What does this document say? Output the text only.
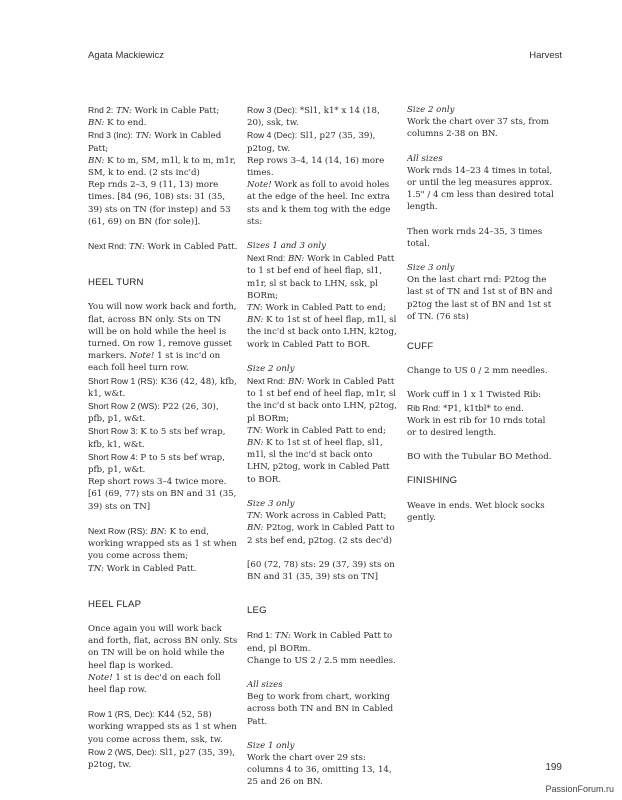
Agata Mackiewicz	Harvest

Rnd 2: TN: Work in Cable Patt;

BN: K to end.

Rnd 3 (Inc): TN: Work in Cabled Patt;

BN: K to m, SM, m1l, k to m, m1r, SM, k to end. (2 sts inc'd)

Rep rnds 2–3, 9 (11, 13) more times. [84 (96, 108) sts: 31 (35, 39) sts on TN (for instep) and 53 (61, 69) on BN (for sole)].

Next Rnd: TN: Work in Cabled Patt.

HEEL TURN

You will now work back and forth, flat, across BN only. Sts on TN will be on hold while the heel is turned. On row 1, remove gusset markers. Note! 1 st is inc'd on each foll heel turn row.

Short Row 1 (RS): K36 (42, 48), kfb, k1, w&t.

Short Row 2 (WS): P22 (26, 30), pfb, p1, w&t.

Short Row 3: K to 5 sts bef wrap, kfb, k1, w&t.

Short Row 4: P to 5 sts bef wrap, pfb, p1, w&t.

Rep short rows 3–4 twice more. [61 (69, 77) sts on BN and 31 (35, 39) sts on TN]

Next Row (RS): BN: K to end, working wrapped sts as 1 st when you come across them;

TN: Work in Cabled Patt.

HEEL FLAP

Once again you will work back and forth, flat, across BN only. Sts on TN will be on hold while the heel flap is worked.

Note! 1 st is dec'd on each foll heel flap row.

Row 1 (RS, Dec): K44 (52, 58) working wrapped sts as 1 st when you come across them, ssk, tw.

Row 2 (WS, Dec): Sl1, p27 (35, 39), p2tog, tw.

Row 3 (Dec): *Sl1, k1* x 14 (18, 20), ssk, tw.

Row 4 (Dec): Sl1, p27 (35, 39), p2tog, tw.

Rep rows 3–4, 14 (14, 16) more times.

Note! Work as foll to avoid holes at the edge of the heel. Inc extra sts and k them tog with the edge sts:

Sizes 1 and 3 only

Next Rnd: BN: Work in Cabled Patt to 1 st bef end of heel flap, sl1, m1r, sl st back to LHN, ssk, pl BORm;

TN: Work in Cabled Patt to end;

BN: K to 1st st of heel flap, m1l, sl the inc'd st back onto LHN, k2tog, work in Cabled Patt to BOR.

Size 2 only

Next Rnd: BN: Work in Cabled Patt to 1 st bef end of heel flap, m1r, sl the inc'd st back onto LHN, p2tog, pl BORm;

TN: Work in Cabled Patt to end;

BN: K to 1st st of heel flap, sl1, m1l, sl the inc'd st back onto LHN, p2tog, work in Cabled Patt to BOR.

Size 3 only

TN: Work across in Cabled Patt;

BN: P2tog, work in Cabled Patt to 2 sts bef end, p2tog. (2 sts dec'd)

[60 (72, 78) sts: 29 (37, 39) sts on BN and 31 (35, 39) sts on TN]

LEG

Rnd 1: TN: Work in Cabled Patt to end, pl BORm.

Change to US 2 / 2.5 mm needles.

All sizes

Beg to work from chart, working across both TN and BN in Cabled Patt.

Size 1 only

Work the chart over 29 sts: columns 4 to 36, omitting 13, 14, 25 and 26 on BN.

Size 2 only

Work the chart over 37 sts, from columns 2-38 on BN.

All sizes

Work rnds 14–23 4 times in total, or until the leg measures approx. 1.5" / 4 cm less than desired total length.

Then work rnds 24–35, 3 times total.

Size 3 only

On the last chart rnd: P2tog the last st of TN and 1st st of BN and p2tog the last st of BN and 1st st of TN. (76 sts)

CUFF

Change to US 0 / 2 mm needles.

Work cuff in 1 x 1 Twisted Rib:

Rib Rnd: *P1, k1tbl* to end.

Work in est rib for 10 rnds total or to desired length.

BO with the Tubular BO Method.

FINISHING

Weave in ends. Wet block socks gently.

199
PassionForum.ru
